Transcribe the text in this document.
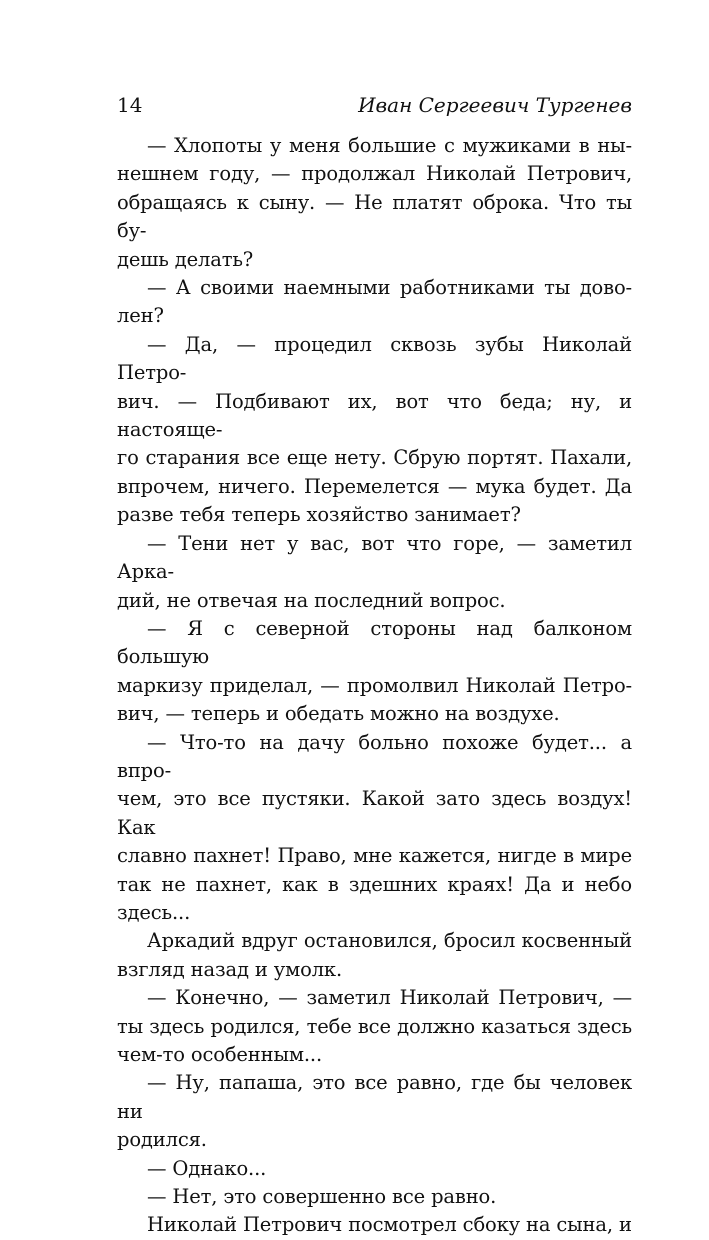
14	Иван Сергеевич Тургенев

— Хлопоты у меня большие с мужиками в ны-
нешнем году, — продолжал Николай Петрович,
обращаясь к сыну. — Не платят оброка. Что ты бу-
дешь делать?

— А своими наемными работниками ты дово-
лен?

— Да, — процедил сквозь зубы Николай Петро-
вич. — Подбивают их, вот что беда; ну, и настояще-
го старания все еще нету. Сбрую портят. Пахали,
впрочем, ничего. Перемелется — мука будет. Да
разве тебя теперь хозяйство занимает?

— Тени нет у вас, вот что горе, — заметил Арка-
дий, не отвечая на последний вопрос.

— Я с северной стороны над балконом большую
маркизу приделал, — промолвил Николай Петро-
вич, — теперь и обедать можно на воздухе.

— Что-то на дачу больно похоже будет... а впро-
чем, это все пустяки. Какой зато здесь воздух! Как
славно пахнет! Право, мне кажется, нигде в мире
так не пахнет, как в здешних краях! Да и небо
здесь...

Аркадий вдруг остановился, бросил косвенный
взгляд назад и умолк.

— Конечно, — заметил Николай Петрович, —
ты здесь родился, тебе все должно казаться здесь
чем-то особенным...

— Ну, папаша, это все равно, где бы человек ни
родился.

— Однако...

— Нет, это совершенно все равно.

Николай Петрович посмотрел сбоку на сына, и
